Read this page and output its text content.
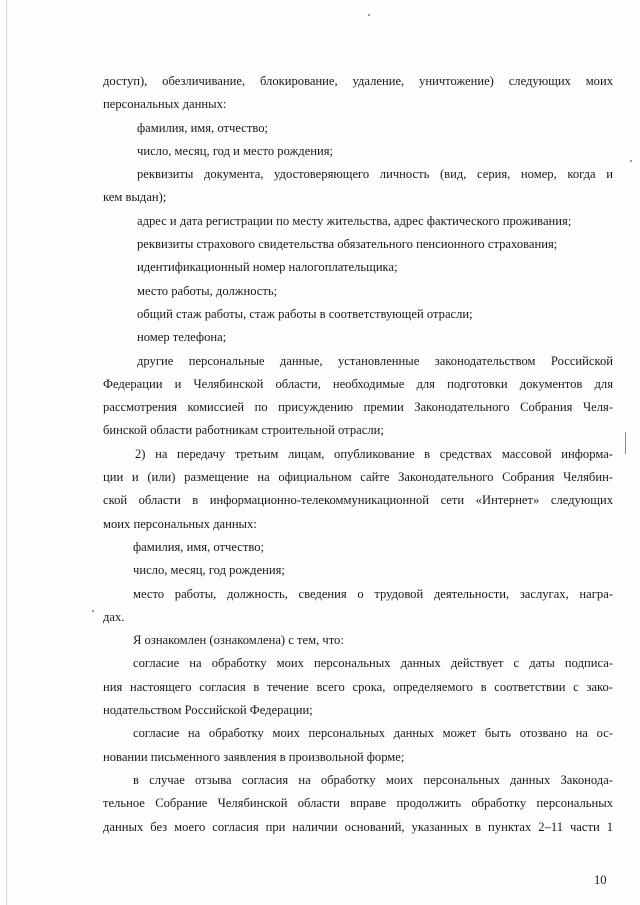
доступ), обезличивание, блокирование, удаление, уничтожение) следующих моих
персональных данных:
фамилия, имя, отчество;
число, месяц, год и место рождения;
реквизиты документа, удостоверяющего личность (вид, серия, номер, когда и
кем выдан);
адрес и дата регистрации по месту жительства, адрес фактического проживания;
реквизиты страхового свидетельства обязательного пенсионного страхования;
идентификационный номер налогоплательщика;
место работы, должность;
общий стаж работы, стаж работы в соответствующей отрасли;
номер телефона;
другие персональные данные, установленные законодательством Российской
Федерации и Челябинской области, необходимые для подготовки документов для
рассмотрения комиссией по присуждению премии Законодательного Собрания Челя-
бинской области работникам строительной отрасли;
2) на передачу третьим лицам, опубликование в средствах массовой информа-
ции и (или) размещение на официальном сайте Законодательного Собрания Челябин-
ской области в информационно-телекоммуникационной сети «Интернет» следующих
моих персональных данных:
фамилия, имя, отчество;
число, месяц, год рождения;
место работы, должность, сведения о трудовой деятельности, заслугах, награ-
дах.
Я ознакомлен (ознакомлена) с тем, что:
согласие на обработку моих персональных данных действует с даты подписа-
ния настоящего согласия в течение всего срока, определяемого в соответствии с зако-
нодательством Российской Федерации;
согласие на обработку моих персональных данных может быть отозвано на ос-
новании письменного заявления в произвольной форме;
в случае отзыва согласия на обработку моих персональных данных Законода-
тельное Собрание Челябинской области вправе продолжить обработку персональных
данных без моего согласия при наличии оснований, указанных в пунктах 2–11 части 1
10
